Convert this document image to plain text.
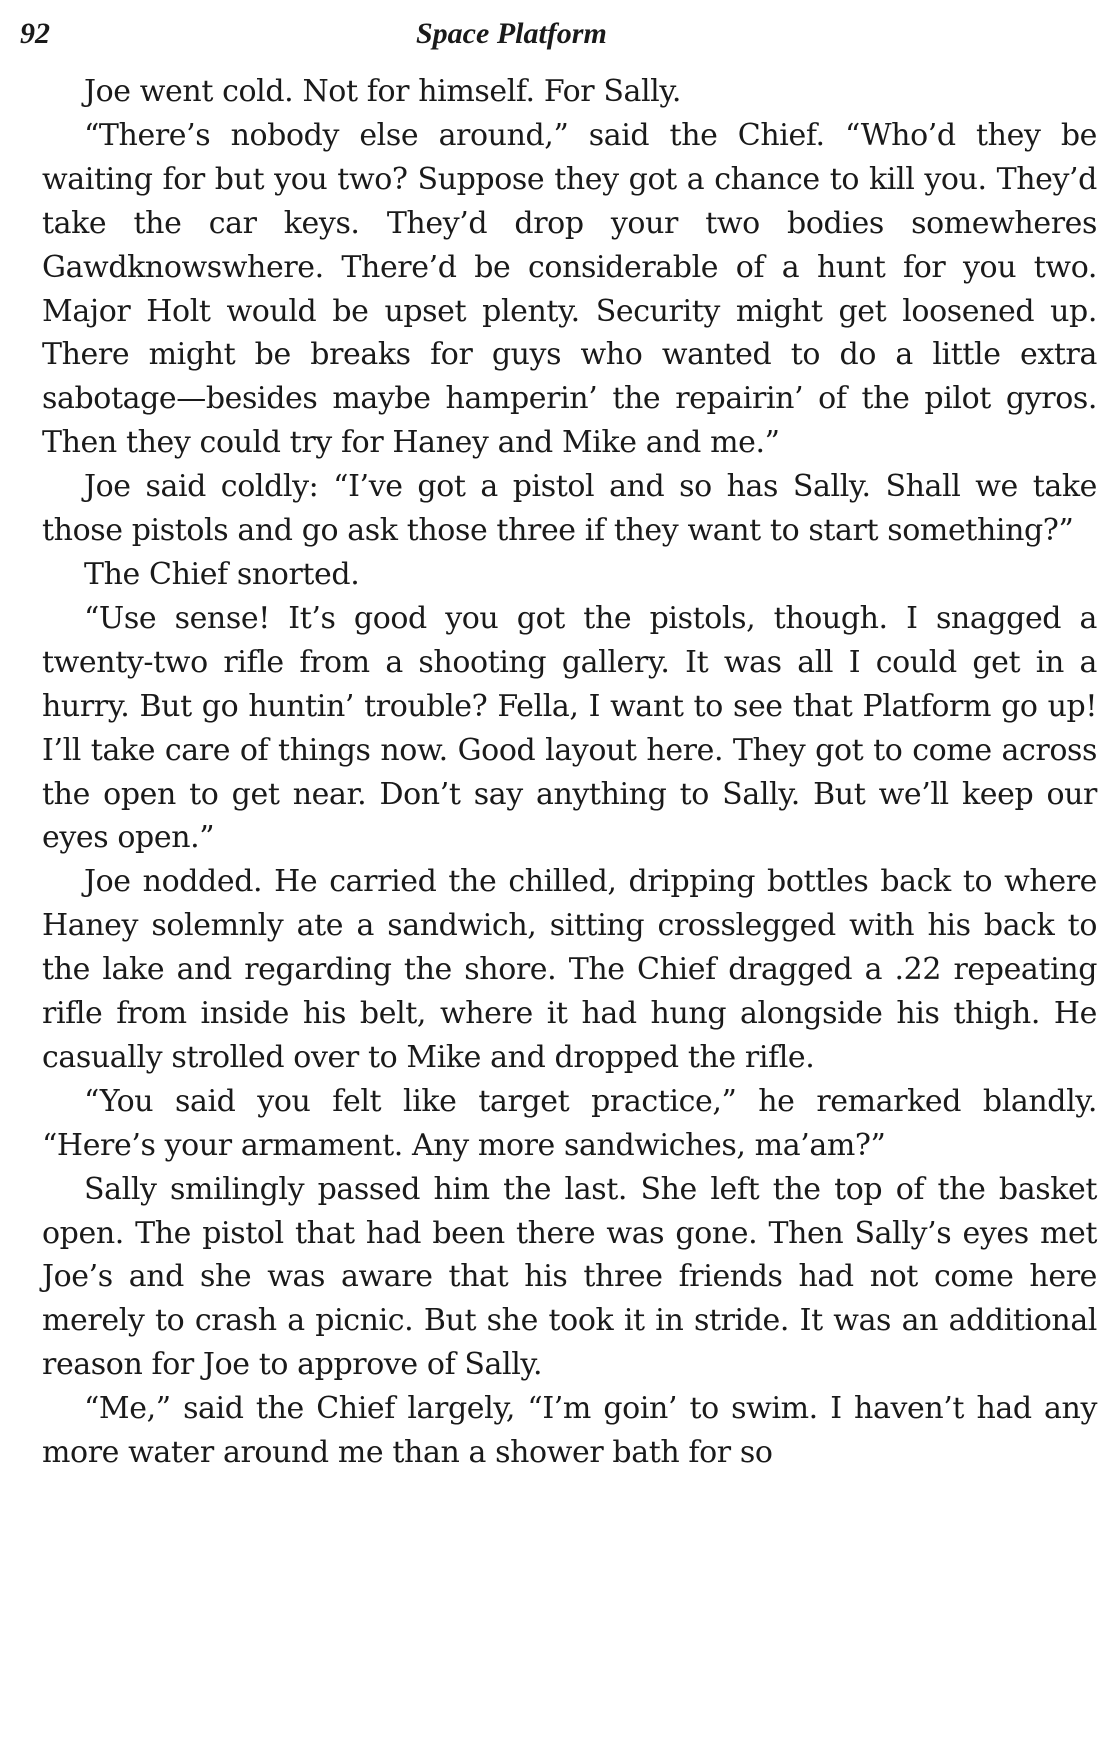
92	Space Platform

Joe went cold. Not for himself. For Sally.

“There’s nobody else around,” said the Chief. “Who’d they be waiting for but you two? Suppose they got a chance to kill you. They’d take the car keys. They’d drop your two bodies somewheres Gawdknowswhere. There’d be considerable of a hunt for you two. Major Holt would be upset plenty. Security might get loosened up. There might be breaks for guys who wanted to do a little extra sabotage—besides maybe hamperin’ the repairin’ of the pilot gyros. Then they could try for Haney and Mike and me.”

Joe said coldly: “I’ve got a pistol and so has Sally. Shall we take those pistols and go ask those three if they want to start something?”

The Chief snorted.

“Use sense! It’s good you got the pistols, though. I snagged a twenty-two rifle from a shooting gallery. It was all I could get in a hurry. But go huntin’ trouble? Fella, I want to see that Platform go up! I’ll take care of things now. Good layout here. They got to come across the open to get near. Don’t say anything to Sally. But we’ll keep our eyes open.”

Joe nodded. He carried the chilled, dripping bottles back to where Haney solemnly ate a sandwich, sitting crosslegged with his back to the lake and regarding the shore. The Chief dragged a .22 repeating rifle from inside his belt, where it had hung alongside his thigh. He casually strolled over to Mike and dropped the rifle.

“You said you felt like target practice,” he remarked blandly. “Here’s your armament. Any more sandwiches, ma’am?”

Sally smilingly passed him the last. She left the top of the basket open. The pistol that had been there was gone. Then Sally’s eyes met Joe’s and she was aware that his three friends had not come here merely to crash a picnic. But she took it in stride. It was an additional reason for Joe to approve of Sally.

“Me,” said the Chief largely, “I’m goin’ to swim. I haven’t had any more water around me than a shower bath for so
